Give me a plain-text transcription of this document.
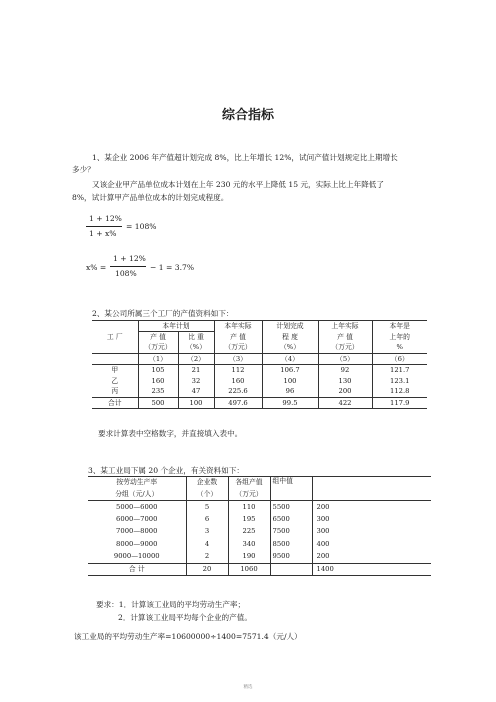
综合指标
1、某企业 2006 年产值超计划完成 8%，比上年增长 12%，试问产值计划规定比上期增长
多少？
又该企业甲产品单位成本计划在上年 230 元的水平上降低 15 元，实际上比上年降低了
8%，试计算甲产品单位成本的计划完成程度。
1 + 12%
1 + x%
= 108%
x% =
1 + 12%
108%
− 1 = 3.7%
2、某公司所属三个工厂的产值资料如下：
工 厂	本年计划		本年实际	计划完成	上年实际	本年是
	产 值	比 重	产 值	程 度	产 值	上年的
	（万元）	（%）	（万元）	（%）	（万元）	%
	（1）	（2）	（3）	（4）	（5）	（6）
甲	105	21	112	106.7	92	121.7
乙	160	32	160	100	130	123.1
丙	235	47	225.6	96	200	112.8
合计	500	100	497.6	99.5	422	117.9
要求计算表中空格数字，并直接填入表中。
3、某工业局下属 20 个企业，有关资料如下：
按劳动生产率	企业数	各组产值	组中值	
分组（元/人）	（个）	（万元）		
5000—6000	5	110	5500	200
6000—7000	6	195	6500	300
7000—8000	3	225	7500	300
8000—9000	4	340	8500	400
9000—10000	2	190	9500	200
合 计	20	1060		1400
要求：1．计算该工业局的平均劳动生产率；
2．计算该工业局平均每个企业的产值。
该工业局的平均劳动生产率=10600000÷1400=7571.4（元/人）
精选
